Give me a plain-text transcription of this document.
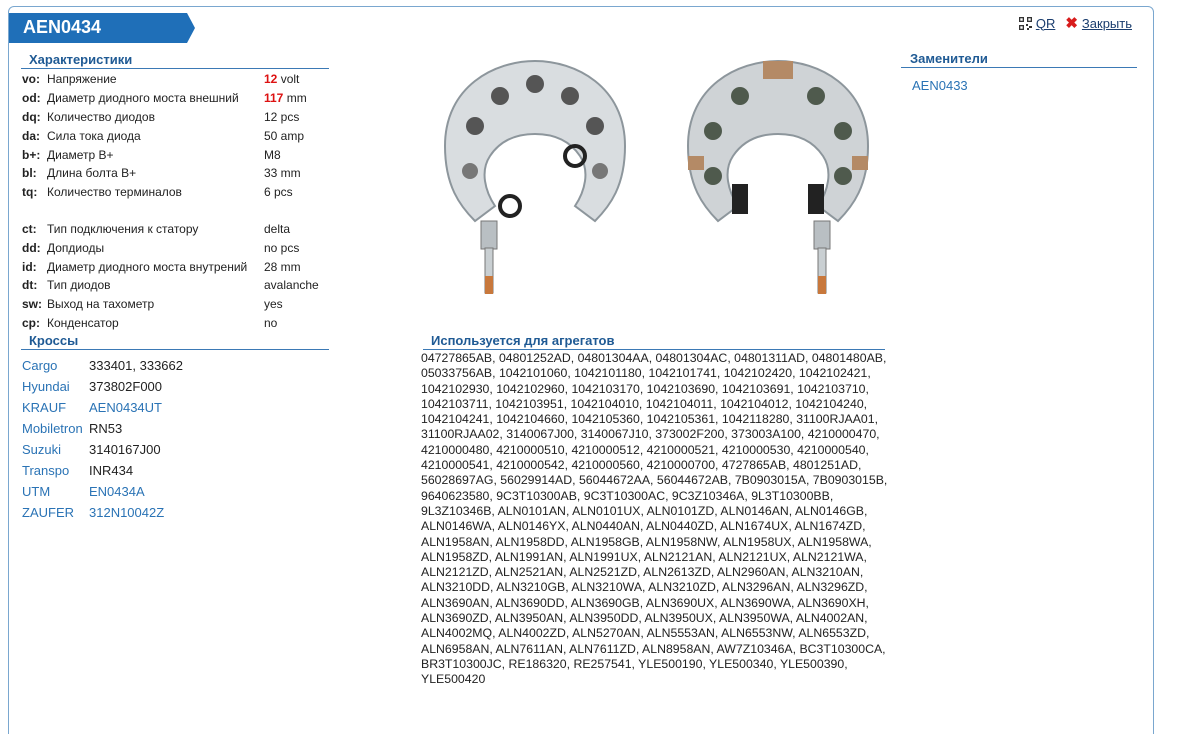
AEN0434	QR ✖ Закрыть
Характеристики
vo: Напряжение	12 volt
od: Диаметр диодного моста внешний	117 mm
dq: Количество диодов	12 pcs
da: Сила тока диода	50 amp
b+: Диаметр B+	M8
bl: Длина болта B+	33 mm
tq: Количество терминалов	6 pcs
ct: Тип подключения к статору	delta
dd: Допдиоды	no pcs
id: Диаметр диодного моста внутрений	28 mm
dt: Тип диодов	avalanche
sw: Выход на тахометр	yes
cp: Конденсатор	no
Кроссы
Cargo	333401, 333662
Hyundai	373802F000
KRAUF	AEN0434UT
Mobiletron RN53
Suzuki	3140167J00
Transpo	INR434
UTM	EN0434A
ZAUFER	312N10042Z
Используется для агрегатов
04727865AB, 04801252AD, 04801304AA, 04801304AC, 04801311AD, 04801480AB, 05033756AB, 1042101060, 1042101180, 1042101741, 1042102420, 1042102421, 1042102930, 1042102960, 1042103170, 1042103690, 1042103691, 1042103710, 1042103711, 1042103951, 1042104010, 1042104011, 1042104012, 1042104240, 1042104241, 1042104660, 1042105360, 1042105361, 1042118280, 31100RJAA01, 31100RJAA02, 3140067J00, 3140067J10, 373002F200, 373003A100, 4210000470, 4210000480, 4210000510, 4210000512, 4210000521, 4210000530, 4210000540, 4210000541, 4210000542, 4210000560, 4210000700, 4727865AB, 4801251AD, 56028697AG, 56029914AD, 56044672AA, 56044672AB, 7B0903015A, 7B0903015B, 9640623580, 9C3T10300AB, 9C3T10300AC, 9C3Z10346A, 9L3T10300BB, 9L3Z10346B, ALN0101AN, ALN0101UX, ALN0101ZD, ALN0146AN, ALN0146GB, ALN0146WA, ALN0146YX, ALN0440AN, ALN0440ZD, ALN1674UX, ALN1674ZD, ALN1958AN, ALN1958DD, ALN1958GB, ALN1958NW, ALN1958UX, ALN1958WA, ALN1958ZD, ALN1991AN, ALN1991UX, ALN2121AN, ALN2121UX, ALN2121WA, ALN2121ZD, ALN2521AN, ALN2521ZD, ALN2613ZD, ALN2960AN, ALN3210AN, ALN3210DD, ALN3210GB, ALN3210WA, ALN3210ZD, ALN3296AN, ALN3296ZD, ALN3690AN, ALN3690DD, ALN3690GB, ALN3690UX, ALN3690WA, ALN3690XH, ALN3690ZD, ALN3950AN, ALN3950DD, ALN3950UX, ALN3950WA, ALN4002AN, ALN4002MQ, ALN4002ZD, ALN5270AN, ALN5553AN, ALN6553NW, ALN6553ZD, ALN6958AN, ALN7611AN, ALN7611ZD, ALN8958AN, AW7Z10346A, BC3T10300CA, BR3T10300JC, RE186320, RE257541, YLE500190, YLE500340, YLE500390, YLE500420
Заменители
AEN0433
